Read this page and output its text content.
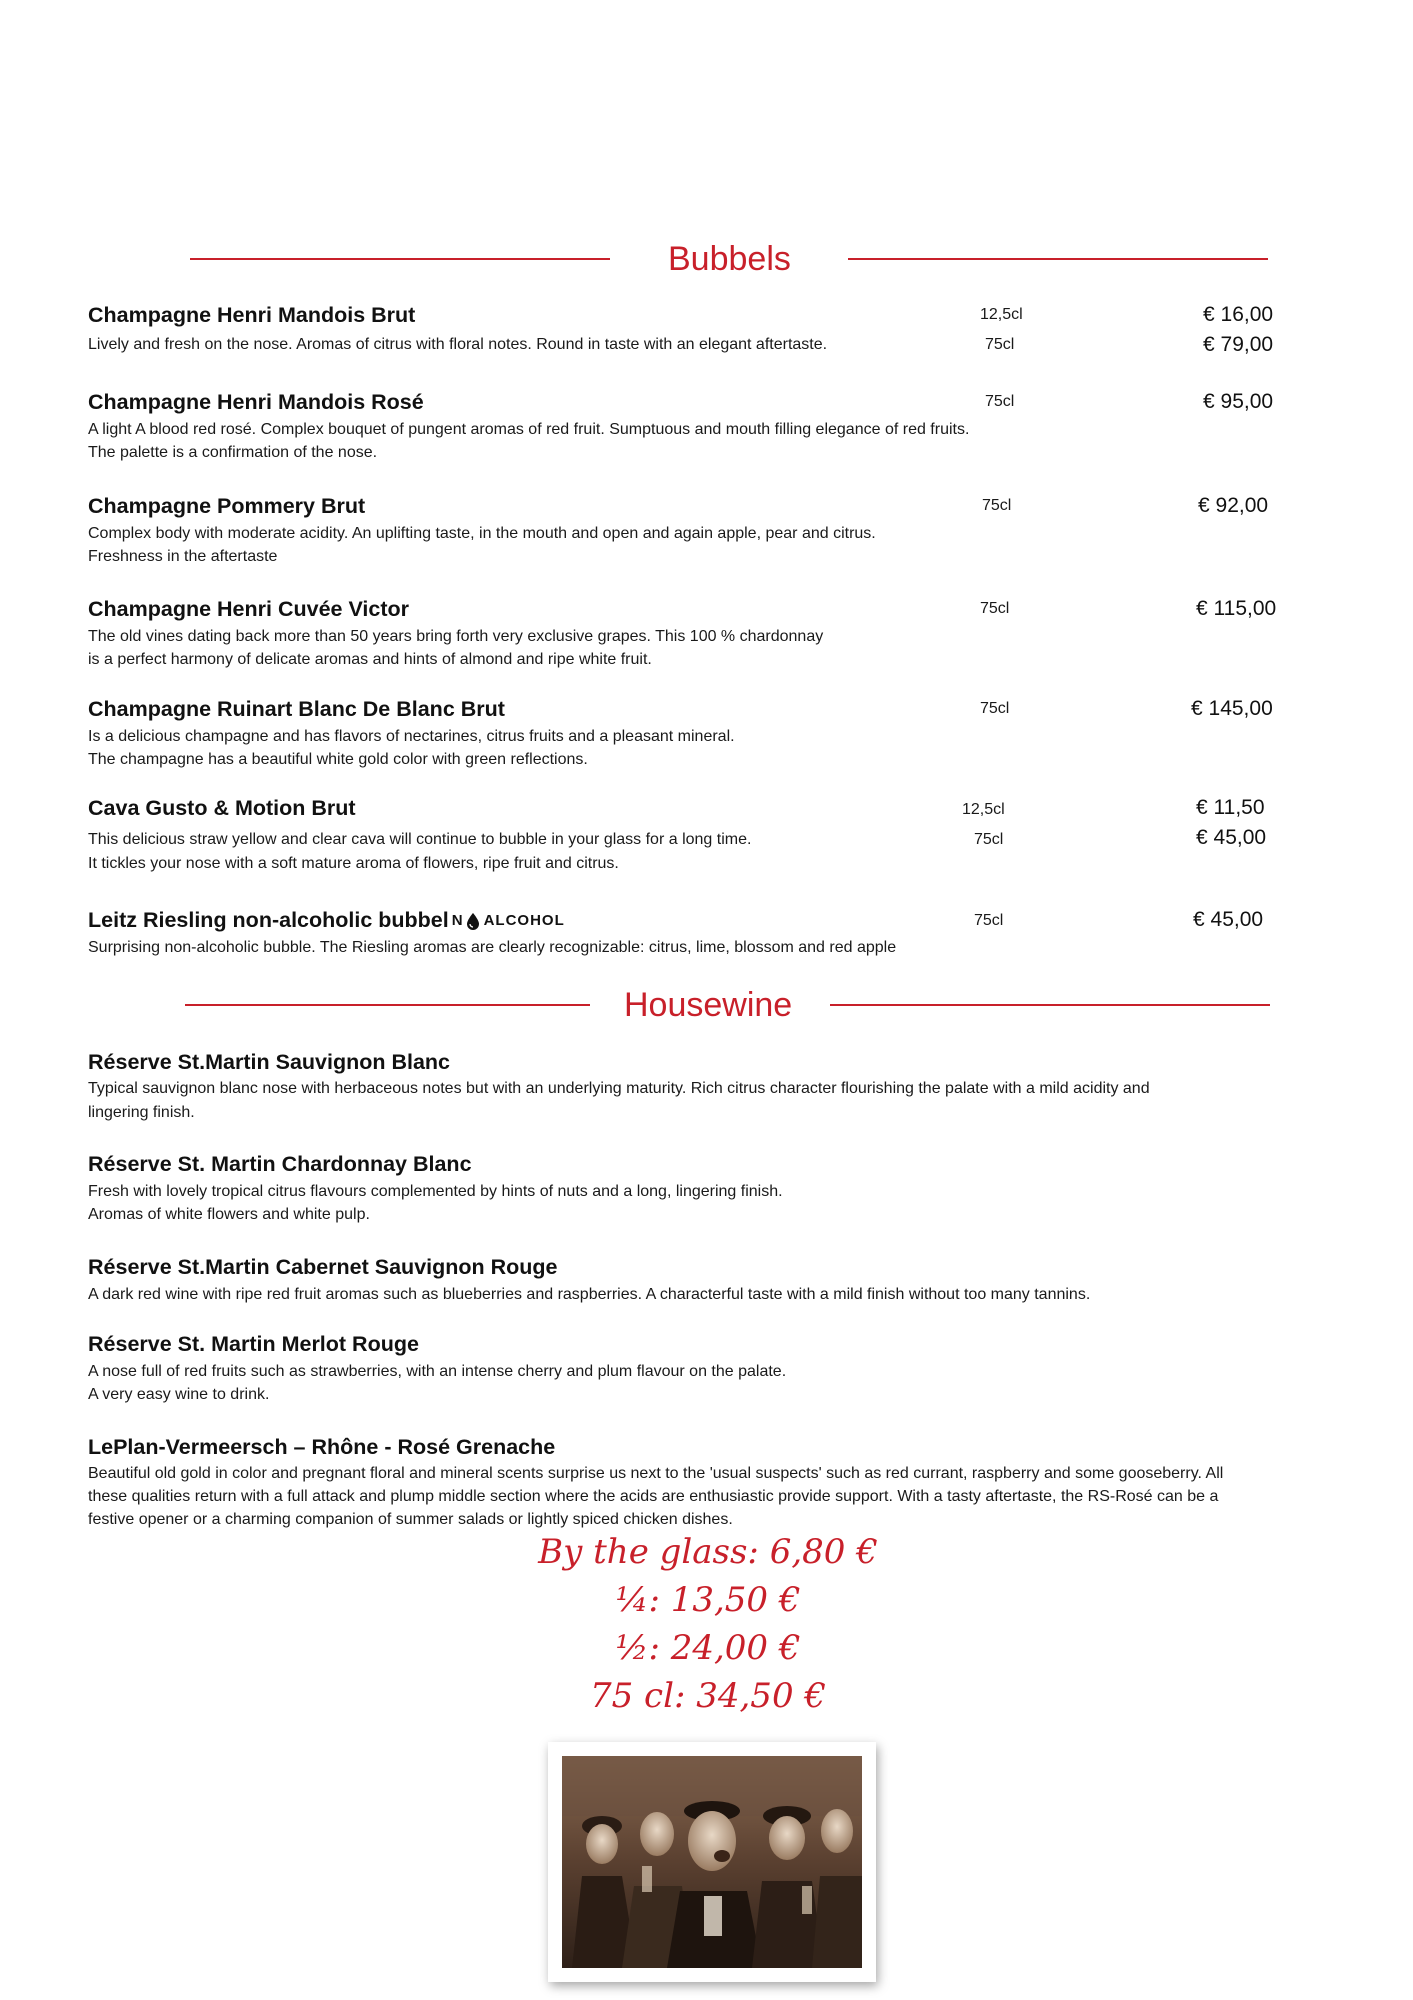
Bubbels
Champagne Henri Mandois Brut
Lively and fresh on the nose. Aromas of citrus with floral notes. Round in taste with an elegant aftertaste.
12,5cl	€ 16,00
75cl	€ 79,00
Champagne Henri Mandois Rosé
A light A blood red rosé. Complex bouquet of pungent aromas of red fruit. Sumptuous and mouth filling elegance of red fruits.
The palette is a confirmation of the nose.
75cl	€ 95,00
Champagne Pommery Brut
Complex body with moderate acidity. An uplifting taste, in the mouth and open and again apple, pear and citrus.
Freshness in the aftertaste
75cl	€ 92,00
Champagne Henri Cuvée Victor
The old vines dating back more than 50 years bring forth very exclusive grapes. This 100 % chardonnay
is a perfect harmony of delicate aromas and hints of almond and ripe white fruit.
75cl	€ 115,00
Champagne Ruinart Blanc De Blanc Brut
Is a delicious champagne and has flavors of nectarines, citrus fruits and a pleasant mineral.
The champagne has a beautiful white gold color with green reflections.
75cl	€ 145,00
Cava Gusto & Motion Brut
This delicious straw yellow and clear cava will continue to bubble in your glass for a long time.
It tickles your nose with a soft mature aroma of flowers, ripe fruit and citrus.
12,5cl	€ 11,50
75cl	€ 45,00
Leitz Riesling non-alcoholic bubbel N ALCOHOL
Surprising non-alcoholic bubble. The Riesling aromas are clearly recognizable: citrus, lime, blossom and red apple
75cl	€ 45,00
Housewine
Réserve St.Martin Sauvignon Blanc
Typical sauvignon blanc nose with herbaceous notes but with an underlying maturity. Rich citrus character flourishing the palate with a mild acidity and
lingering finish.
Réserve St. Martin Chardonnay Blanc
Fresh with lovely tropical citrus flavours complemented by hints of nuts and a long, lingering finish.
Aromas of white flowers and white pulp.
Réserve St.Martin Cabernet Sauvignon Rouge
A dark red wine with ripe red fruit aromas such as blueberries and raspberries. A characterful taste with a mild finish without too many tannins.
Réserve St. Martin Merlot Rouge
A nose full of red fruits such as strawberries, with an intense cherry and plum flavour on the palate.
A very easy wine to drink.
LePlan-Vermeersch – Rhône - Rosé Grenache
Beautiful old gold in color and pregnant floral and mineral scents surprise us next to the 'usual suspects' such as red currant, raspberry and some gooseberry. All
these qualities return with a full attack and plump middle section where the acids are enthusiastic provide support. With a tasty aftertaste, the RS-Rosé can be a
festive opener or a charming companion of summer salads or lightly spiced chicken dishes.
By the glass: 6,80 €
¼: 13,50 €
½: 24,00 €
75 cl: 34,50 €
